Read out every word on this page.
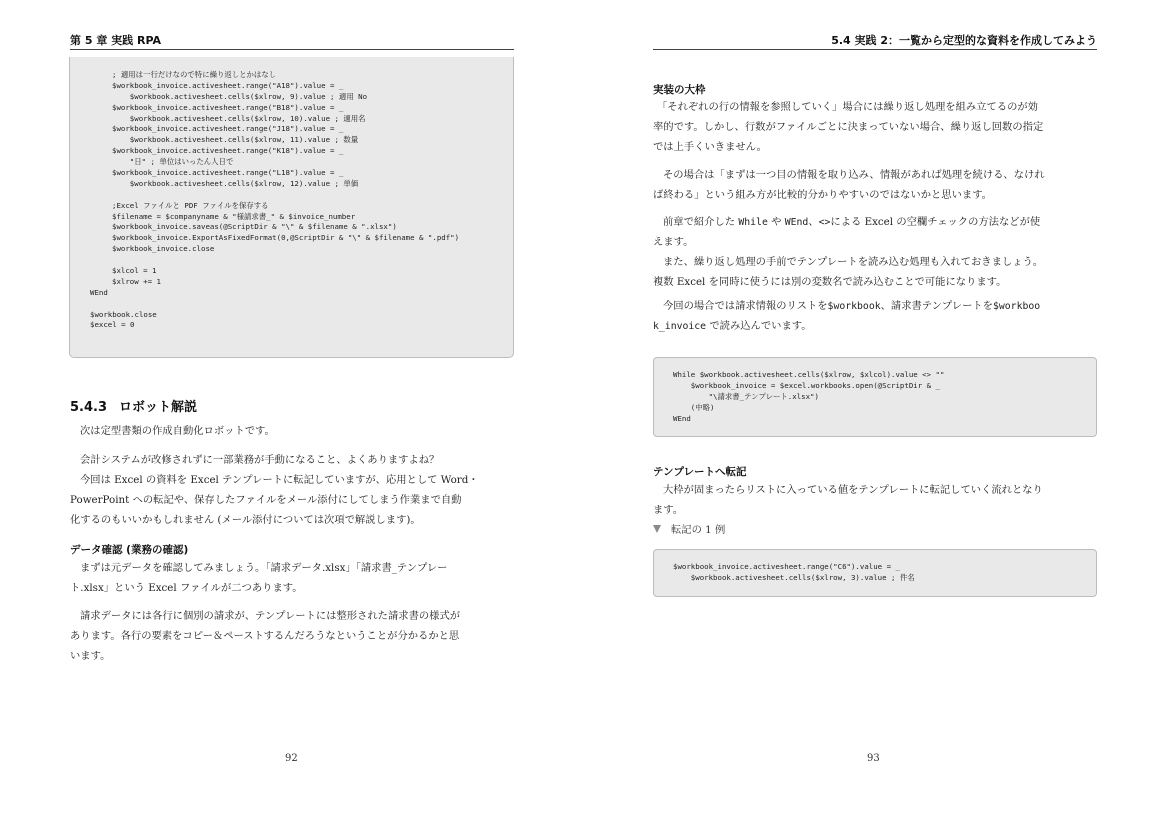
第 5 章 実践 RPA
; 適用は一行だけなので特に繰り返しとかはなし
$workbook_invoice.activesheet.range("A18").value = _
$workbook.activesheet.cells($xlrow, 9).value ; 適用 No
$workbook_invoice.activesheet.range("B18").value = _
$workbook.activesheet.cells($xlrow, 10).value ; 適用名
$workbook_invoice.activesheet.range("J18").value = _
$workbook.activesheet.cells($xlrow, 11).value ; 数量
$workbook_invoice.activesheet.range("K18").value = _
"日" ; 単位はいったん人日で
$workbook_invoice.activesheet.range("L18").value = _
$workbook.activesheet.cells($xlrow, 12).value ; 単価
;Excel ファイルと PDF ファイルを保存する
$filename = $companyname & "様請求書_" & $invoice_number
$workbook_invoice.saveas(@ScriptDir & "\" & $filename & ".xlsx")
$workbook_invoice.ExportAsFixedFormat(0,@ScriptDir & "\" & $filename & ".pdf")
$workbook_invoice.close
$xlcol = 1
$xlrow += 1
WEnd
$workbook.close
$excel = 0
5.4.3 ロボット解説
次は定型書類の作成自動化ロボットです。
会計システムが改修されずに一部業務が手動になること、よくありますよね？
今回は Excel の資料を Excel テンプレートに転記していますが、応用として Word・
PowerPoint への転記や、保存したファイルをメール添付にしてしまう作業まで自動
化するのもいいかもしれません (メール添付については次項で解説します)。
データ確認 (業務の確認)
まずは元データを確認してみましょう。「請求データ.xlsx」「請求書_テンプレー
ト.xlsx」という Excel ファイルが二つあります。
請求データには各行に個別の請求が、テンプレートには整形された請求書の様式が
あります。各行の要素をコピー＆ペーストするんだろうなということが分かるかと思
います。
92
5.4 実践 2：一覧から定型的な資料を作成してみよう
実装の大枠
「それぞれの行の情報を参照していく」場合には繰り返し処理を組み立てるのが効
率的です。しかし、行数がファイルごとに決まっていない場合、繰り返し回数の指定
では上手くいきません。
その場合は「まずは一つ目の情報を取り込み、情報があれば処理を続ける、なけれ
ば終わる」という組み方が比較的分かりやすいのではないかと思います。
前章で紹介した While や WEnd、<>による Excel の空欄チェックの方法などが使
えます。
また、繰り返し処理の手前でテンプレートを読み込む処理も入れておきましょう。
複数 Excel を同時に使うには別の変数名で読み込むことで可能になります。
今回の場合では請求情報のリストを$workbook、請求書テンプレートを$workboo
k_invoice で読み込んでいます。
While $workbook.activesheet.cells($xlrow, $xlcol).value <> ""
$workbook_invoice = $excel.workbooks.open(@ScriptDir & _
"\請求書_テンプレート.xlsx")
(中略)
WEnd
テンプレートへ転記
大枠が固まったらリストに入っている値をテンプレートに転記していく流れとなり
ます。
転記の 1 例
$workbook_invoice.activesheet.range("C6").value = _
$workbook.activesheet.cells($xlrow, 3).value ; 件名
93
